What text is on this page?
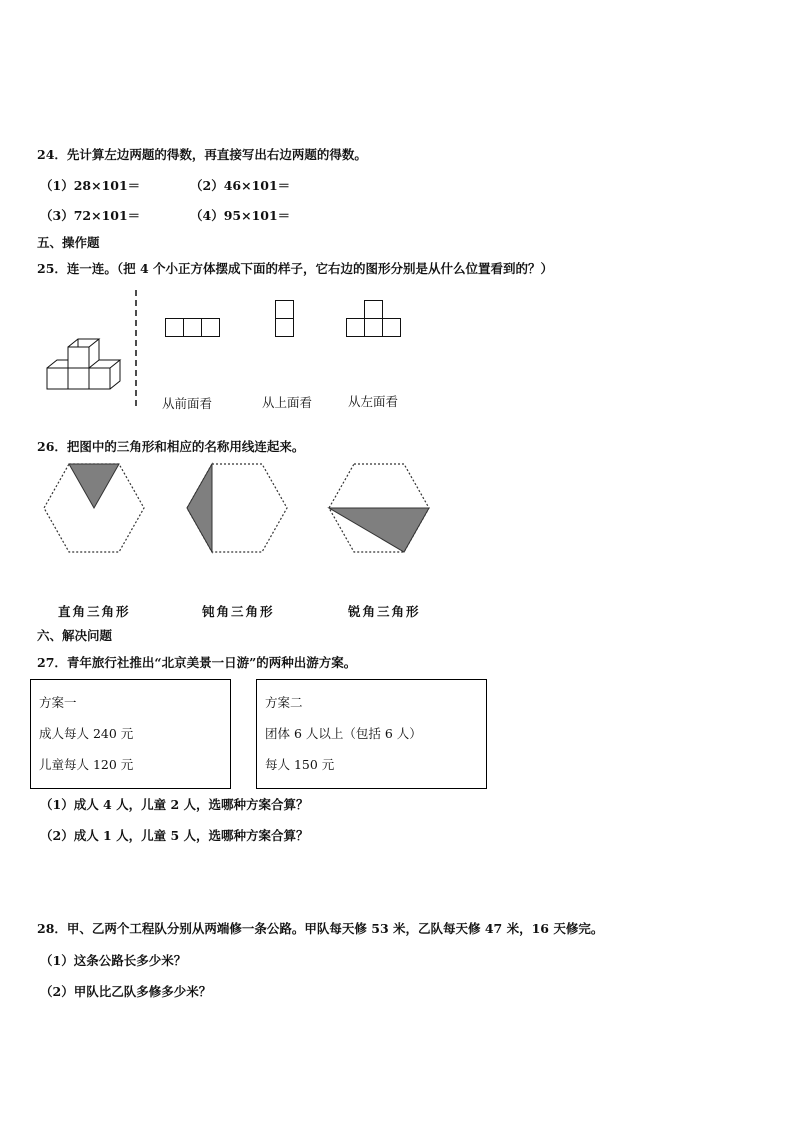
24．先计算左边两题的得数，再直接写出右边两题的得数。
（1）28×101＝	（2）46×101＝
（3）72×101＝	（4）95×101＝
五、操作题
25．连一连。（把 4 个小正方体摆成下面的样子，它右边的图形分别是从什么位置看到的？）
从前面看	从上面看	从左面看
26．把图中的三角形和相应的名称用线连起来。
直角三角形	钝角三角形	锐角三角形
六、解决问题
27．青年旅行社推出“北京美景一日游”的两种出游方案。
方案一
成人每人 240 元
儿童每人 120 元
方案二
团体 6 人以上（包括 6 人）
每人 150 元
（1）成人 4 人，儿童 2 人，选哪种方案合算？
（2）成人 1 人，儿童 5 人，选哪种方案合算？
28．甲、乙两个工程队分别从两端修一条公路。甲队每天修 53 米，乙队每天修 47 米，16 天修完。
（1）这条公路长多少米？
（2）甲队比乙队多修多少米？
